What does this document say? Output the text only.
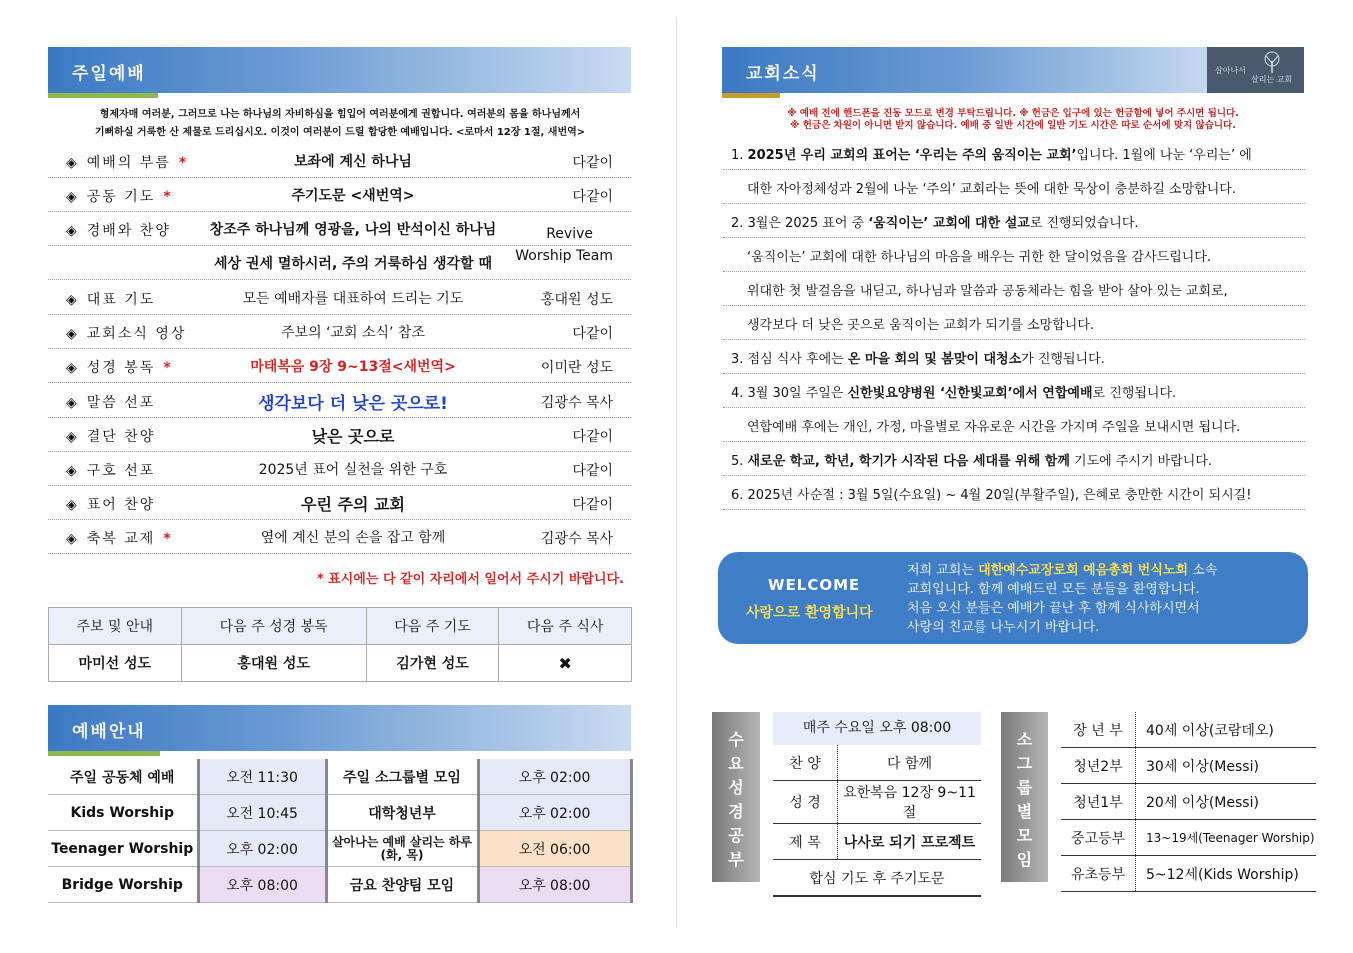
주일예배
형제자매 여러분, 그러므로 나는 하나님의 자비하심을 힘입어 여러분에게 권합니다. 여러분의 몸을 하나님께서
기뻐하실 거룩한 산 제물로 드리십시오. 이것이 여러분이 드릴 합당한 예배입니다. <로마서 12장 1절, 새번역>
◈ 예배의 부름 *	보좌에 계신 하나님	다같이
◈ 공동 기도 *	주기도문 <새번역>	다같이
◈ 경배와 찬양	창조주 하나님께 영광을, 나의 반석이신 하나님	Revive
세상 권세 멸하시러, 주의 거룩하심 생각할 때	Worship Team
◈ 대표 기도	모든 예배자를 대표하여 드리는 기도	홍대원 성도
◈ 교회소식 영상	주보의 ‘교회 소식’ 참조	다같이
◈ 성경 봉독 *	마태복음 9장 9~13절<새번역>	이미란 성도
◈ 말씀 선포	생각보다 더 낮은 곳으로!	김광수 목사
◈ 결단 찬양	낮은 곳으로	다같이
◈ 구호 선포	2025년 표어 실천을 위한 구호	다같이
◈ 표어 찬양	우린 주의 교회	다같이
◈ 축복 교제 *	옆에 계신 분의 손을 잡고 함께	김광수 목사
* 표시에는 다 같이 자리에서 일어서 주시기 바랍니다.
주보 및 안내	다음 주 성경 봉독	다음 주 기도	다음 주 식사
마미선 성도	홍대원 성도	김가현 성도	✖
예배안내
주일 공동체 예배	오전 11:30	주일 소그룹별 모임	오후 02:00
Kids Worship	오전 10:45	대학청년부	오후 02:00
Teenager Worship	오후 02:00	살아나는 예배 살리는 하루 (화, 목)	오전 06:00
Bridge Worship	오후 08:00	금요 찬양팀 모임	오후 08:00
교회소식	살아나서
살리는 교회
※ 예배 전에 핸드폰을 진동 모드로 변경 부탁드립니다. ※ 헌금은 입구에 있는 헌금함에 넣어 주시면 됩니다.
※ 헌금은 차원이 아니면 받지 않습니다. 예배 중 일반 시간에 일반 기도 시간은 따로 순서에 맞지 않습니다.
1. 2025년 우리 교회의 표어는 ‘우리는 주의 움직이는 교회’입니다. 1월에 나눈 ‘우리는’ 에
대한 자아정체성과 2월에 나눈 ‘주의’ 교회라는 뜻에 대한 묵상이 충분하길 소망합니다.
2. 3월은 2025 표어 중 ‘움직이는’ 교회에 대한 설교로 진행되었습니다.
‘움직이는’ 교회에 대한 하나님의 마음을 배우는 귀한 한 달이었음을 감사드립니다.
위대한 첫 발걸음을 내딛고, 하나님과 말씀과 공동체라는 힘을 받아 살아 있는 교회로,
생각보다 더 낮은 곳으로 움직이는 교회가 되기를 소망합니다.
3. 점심 식사 후에는 온 마을 회의 및 봄맞이 대청소가 진행됩니다.
4. 3월 30일 주일은 신한빛요양병원 ‘신한빛교회’에서 연합예배로 진행됩니다.
연합예배 후에는 개인, 가정, 마을별로 자유로운 시간을 가지며 주일을 보내시면 됩니다.
5. 새로운 학교, 학년, 학기가 시작된 다음 세대를 위해 함께 기도에 주시기 바랍니다.
6. 2025년 사순절 : 3월 5일(수요일) ~ 4월 20일(부활주일), 은혜로 충만한 시간이 되시길!
WELCOME
사랑으로 환영합니다
저희 교회는 대한예수교장로회 예음총회 번식노회 소속
교회입니다. 함께 예배드린 모든 분들을 환영합니다.
처음 오신 분들은 예배가 끝난 후 함께 식사하시면서
사랑의 친교를 나누시기 바랍니다.
수
요
성
경
공
부
매주 수요일 오후 08:00
찬 양	다 함께
성 경	요한복음 12장 9~11절
제 목	나사로 되기 프로젝트
합심 기도 후 주기도문	
소
그
룹
별
모
임
장 년 부	40세 이상(코람데오)
청년2부	30세 이상(Messi)
청년1부	20세 이상(Messi)
중고등부	13~19세(Teenager Worship)
유초등부	5~12세(Kids Worship)
